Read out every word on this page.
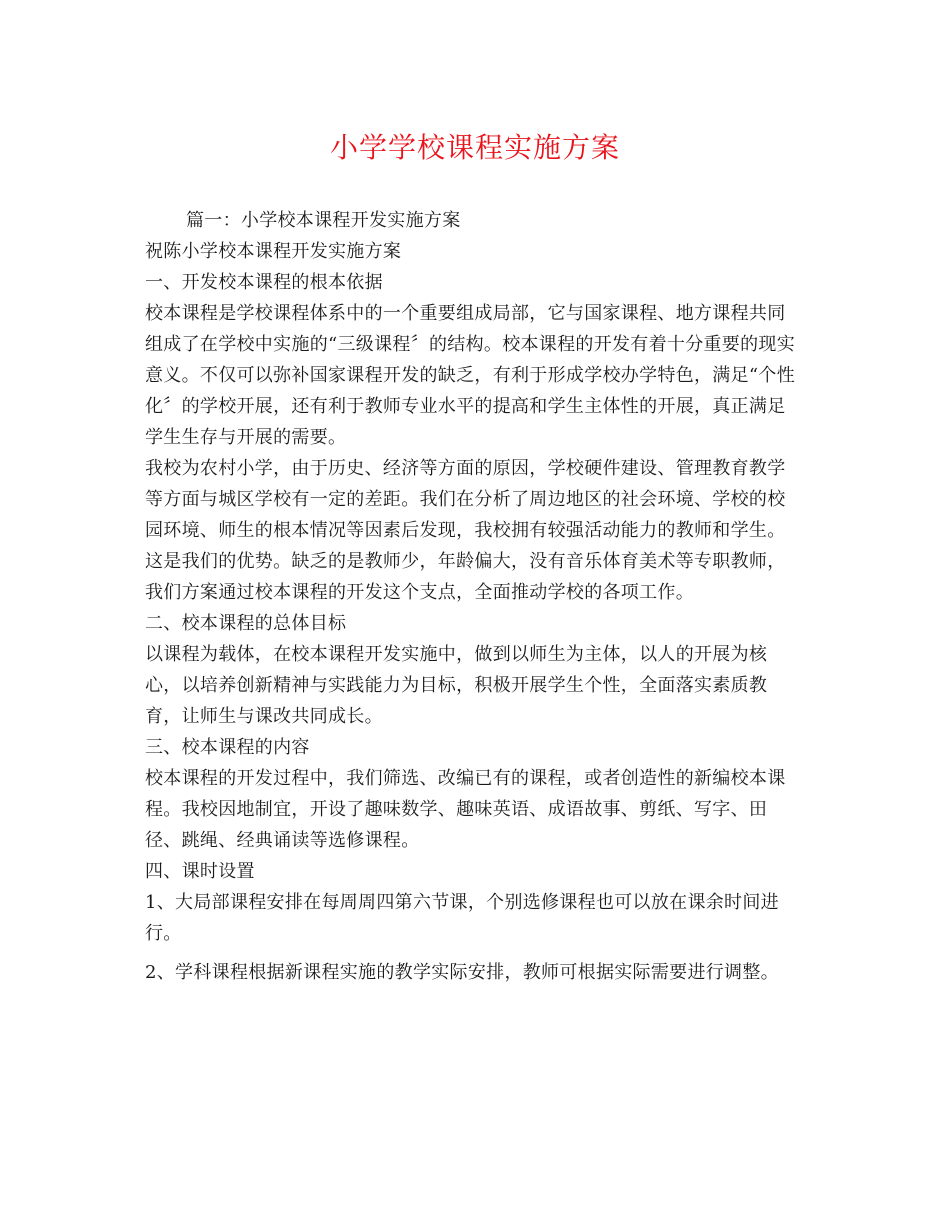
小学学校课程实施方案
篇一：小学校本课程开发实施方案
祝陈小学校本课程开发实施方案
一、开发校本课程的根本依据
校本课程是学校课程体系中的一个重要组成局部，它与国家课程、地方课程共同
组成了在学校中实施的“三级课程〞的结构。校本课程的开发有着十分重要的现实
意义。不仅可以弥补国家课程开发的缺乏，有利于形成学校办学特色，满足“个性
化〞的学校开展，还有利于教师专业水平的提高和学生主体性的开展，真正满足
学生生存与开展的需要。
我校为农村小学，由于历史、经济等方面的原因，学校硬件建设、管理教育教学
等方面与城区学校有一定的差距。我们在分析了周边地区的社会环境、学校的校
园环境、师生的根本情况等因素后发现，我校拥有较强活动能力的教师和学生。
这是我们的优势。缺乏的是教师少，年龄偏大，没有音乐体育美术等专职教师，
我们方案通过校本课程的开发这个支点，全面推动学校的各项工作。
二、校本课程的总体目标
以课程为载体，在校本课程开发实施中，做到以师生为主体，以人的开展为核
心，以培养创新精神与实践能力为目标，积极开展学生个性，全面落实素质教
育，让师生与课改共同成长。
三、校本课程的内容
校本课程的开发过程中，我们筛选、改编已有的课程，或者创造性的新编校本课
程。我校因地制宜，开设了趣味数学、趣味英语、成语故事、剪纸、写字、田
径、跳绳、经典诵读等选修课程。
四、课时设置
1、大局部课程安排在每周周四第六节课，个别选修课程也可以放在课余时间进
行。
2、学科课程根据新课程实施的教学实际安排，教师可根据实际需要进行调整。
